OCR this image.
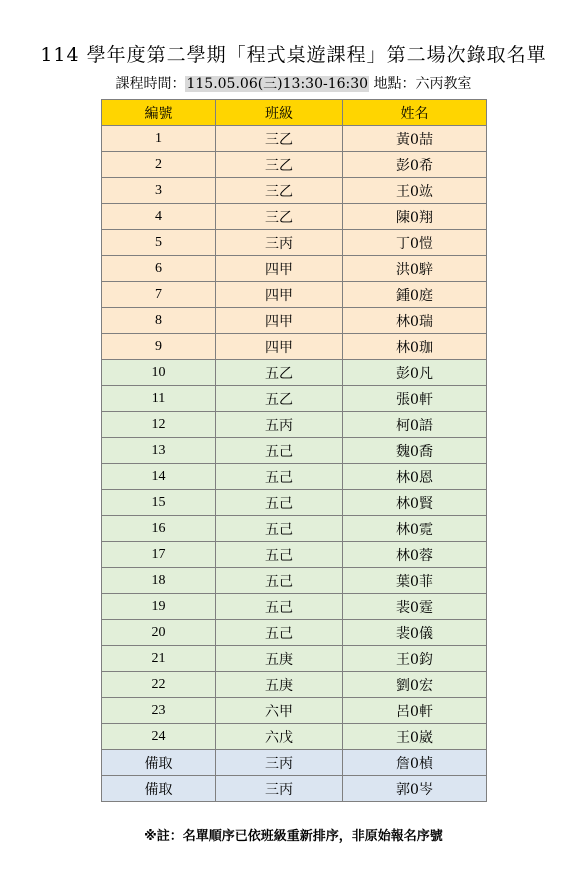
114 學年度第二學期「程式桌遊課程」第二場次錄取名單
課程時間：115.05.06(三)13:30-16:30 地點：六丙教室
編號	班級	姓名
1	三乙	黃0喆
2	三乙	彭0希
3	三乙	王0竑
4	三乙	陳0翔
5	三丙	丁0愷
6	四甲	洪0騂
7	四甲	鍾0庭
8	四甲	林0瑞
9	四甲	林0珈
10	五乙	彭0凡
11	五乙	張0軒
12	五丙	柯0語
13	五己	魏0喬
14	五己	林0恩
15	五己	林0賢
16	五己	林0霓
17	五己	林0蓉
18	五己	葉0菲
19	五己	裴0霆
20	五己	裴0儀
21	五庚	王0鈞
22	五庚	劉0宏
23	六甲	呂0軒
24	六戊	王0崴
備取	三丙	詹0楨
備取	三丙	郭0岑
※註：名單順序已依班級重新排序，非原始報名序號
